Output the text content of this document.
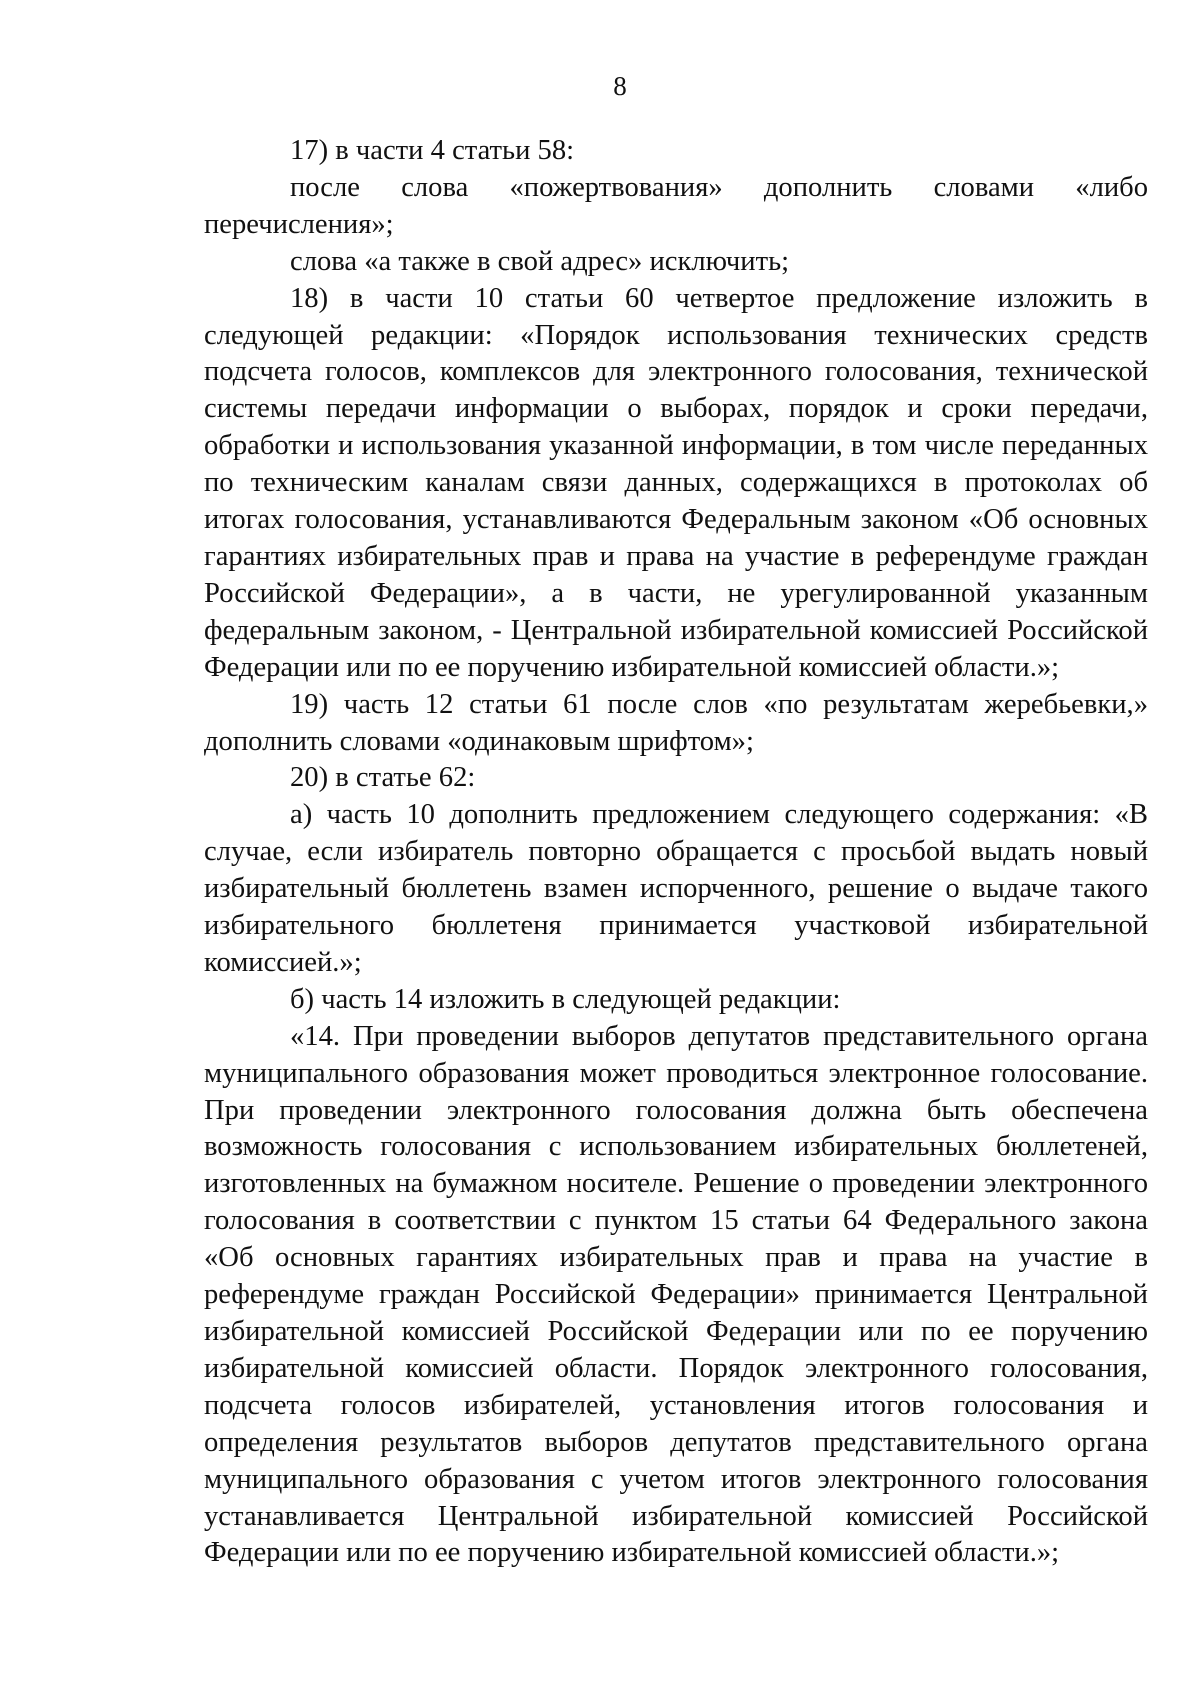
8

17) в части 4 статьи 58:

после слова «пожертвования» дополнить словами «либо перечисления»;

слова «а также в свой адрес» исключить;

18) в части 10 статьи 60 четвертое предложение изложить в следующей редакции: «Порядок использования технических средств подсчета голосов, комплексов для электронного голосования, технической системы передачи информации о выборах, порядок и сроки передачи, обработки и использования указанной информации, в том числе переданных по техническим каналам связи данных, содержащихся в протоколах об итогах голосования, устанавливаются Федеральным законом «Об основных гарантиях избирательных прав и права на участие в референдуме граждан Российской Федерации», а в части, не урегулированной указанным федеральным законом, - Центральной избирательной комиссией Российской Федерации или по ее поручению избирательной комиссией области.»;

19) часть 12 статьи 61 после слов «по результатам жеребьевки,» дополнить словами «одинаковым шрифтом»;

20) в статье 62:

а) часть 10 дополнить предложением следующего содержания: «В случае, если избиратель повторно обращается с просьбой выдать новый избирательный бюллетень взамен испорченного, решение о выдаче такого избирательного бюллетеня принимается участковой избирательной комиссией.»;

б) часть 14 изложить в следующей редакции:

«14. При проведении выборов депутатов представительного органа муниципального образования может проводиться электронное голосование. При проведении электронного голосования должна быть обеспечена возможность голосования с использованием избирательных бюллетеней, изготовленных на бумажном носителе. Решение о проведении электронного голосования в соответствии с пунктом 15 статьи 64 Федерального закона «Об основных гарантиях избирательных прав и права на участие в референдуме граждан Российской Федерации» принимается Центральной избирательной комиссией Российской Федерации или по ее поручению избирательной комиссией области. Порядок электронного голосования, подсчета голосов избирателей, установления итогов голосования и определения результатов выборов депутатов представительного органа муниципального образования с учетом итогов электронного голосования устанавливается Центральной избирательной комиссией Российской Федерации или по ее поручению избирательной комиссией области.»;
